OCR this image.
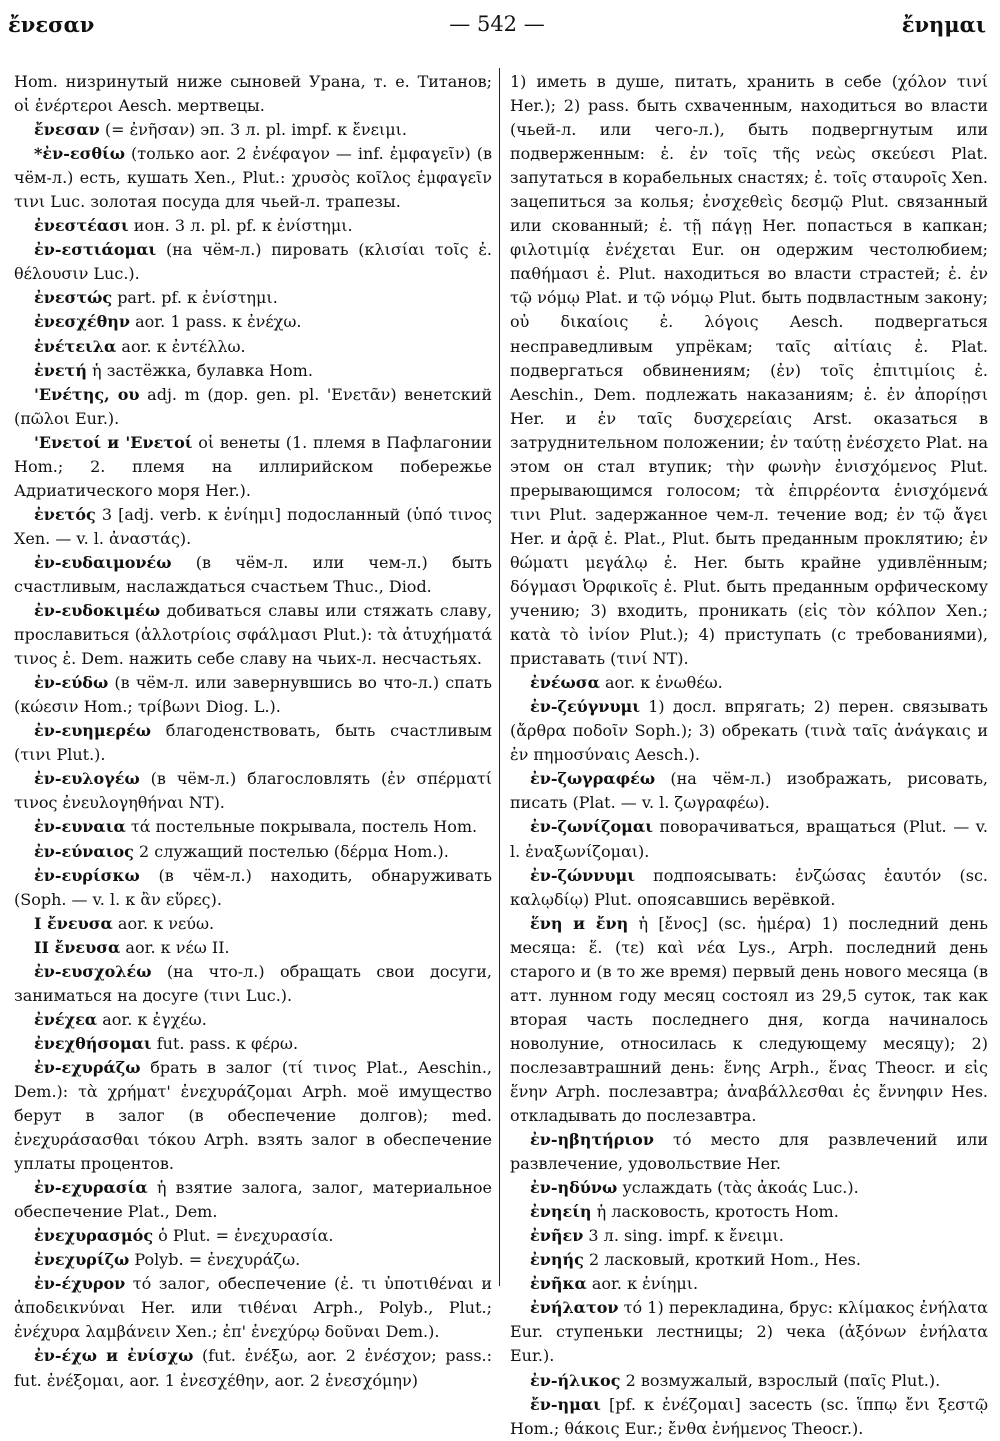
ἔνεσαν	— 542 —	ἔνημαι

Hom. низринутый ниже сыновей Урана, т. е. Титанов; οἱ ἐνέρτεροι Aesch. мертвецы.

ἔνεσαν (= ἐνῆσαν) эп. 3 л. pl. impf. к ἔνειμι.

*ἐν-εσθίω (только aor. 2 ἐνέφαγον — inf. ἐμφαγεῖν) (в чём-л.) есть, кушать Xen., Plut.: χρυσὸς κοῖλος ἐμφαγεῖν τινι Luc. золотая посуда для чьей-л. трапезы.

ἐνεστέασι ион. 3 л. pl. pf. к ἐνίστημι.

ἐν-εστιάομαι (на чём-л.) пировать (κλισίαι τοῖς ἐ. θέλουσιν Luc.).

ἐνεστώς part. pf. к ἐνίστημι.

ἐνεσχέθην aor. 1 pass. к ἐνέχω.

ἐνέτειλα aor. к ἐντέλλω.

ἐνετή ἡ застёжка, булавка Hom.

'Ενέτης, ου adj. m (дор. gen. pl. 'Ενετᾶν) венетский (πῶλοι Eur.).

'Ενετοί и 'Ενετοί οἱ венеты (1. племя в Пафлагонии Hom.; 2. племя на иллирийском побережье Адриатического моря Her.).

ἐνετός 3 [adj. verb. к ἐνίημι] подосланный (ὑπό τινος Xen. — v. l. ἀναστάς).

ἐν-ευδαιμονέω (в чём-л. или чем-л.) быть счастливым, наслаждаться счастьем Thuc., Diod.

ἐν-ευδοκιμέω добиваться славы или стяжать славу, прославиться (ἀλλοτρίοις σφάλμασι Plut.): τὰ ἀτυχήματά τινος ἐ. Dem. нажить себе славу на чьих-л. несчастьях.

ἐν-εύδω (в чём-л. или завернувшись во что-л.) спать (κώεσιν Hom.; τρίβωνι Diog. L.).

ἐν-ευημερέω благоденствовать, быть счастливым (τινι Plut.).

ἐν-ευλογέω (в чём-л.) благословлять (ἐν σπέρματί τινος ἐνευλογηθήναι NT).

ἐν-ευναια τά постельные покрывала, постель Hom.

ἐν-εύναιος 2 служащий постелью (δέρμα Hom.).

ἐν-ευρίσκω (в чём-л.) находить, обнаруживать (Soph. — v. l. к ἂν εὕρες).

I ἔνευσα aor. к νεύω.

II ἔνευσα aor. к νέω II.

ἐν-ευσχολέω (на что-л.) обращать свои досуги, заниматься на досуге (τινι Luc.).

ἐνέχεα aor. к ἐγχέω.

ἐνεχθήσομαι fut. pass. к φέρω.

ἐν-εχυράζω брать в залог (τί τινος Plat., Aeschin., Dem.): τὰ χρήματ' ἐνεχυράζομαι Arph. моё имущество берут в залог (в обеспечение долгов); med. ἐνεχυράσασθαι τόκου Arph. взять залог в обеспечение уплаты процентов.

ἐν-εχυρασία ἡ взятие залога, залог, материальное обеспечение Plat., Dem.

ἐνεχυρασμός ὁ Plut. = ἐνεχυρασία.

ἐνεχυρίζω Polyb. = ἐνεχυράζω.

ἐν-έχυρον τό залог, обеспечение (ἐ. τι ὑποτιθέναι и ἀποδεικνύναι Her. или τιθέναι Arph., Polyb., Plut.; ἐνέχυρα λαμβάνειν Xen.; ἐπ' ἐνεχύρῳ δοῦναι Dem.).

ἐν-έχω и ἐνίσχω (fut. ἐνέξω, aor. 2 ἐνέσχον; pass.: fut. ἐνέξομαι, aor. 1 ἐνεσχέθην, aor. 2 ἐνεσχόμην)

1) иметь в душе, питать, хранить в себе (χόλον τινί Her.); 2) pass. быть схваченным, находиться во власти (чьей-л. или чего-л.), быть подвергнутым или подверженным: ἐ. ἐν τοῖς τῆς νεὼς σκεύεσι Plat. запутаться в корабельных снастях; ἐ. τοῖς σταυροῖς Xen. зацепиться за колья; ἐνσχεθεὶς δεσμῷ Plut. связанный или скованный; ἐ. τῇ πάγῃ Her. попасться в капкан; φιλοτιμίᾳ ἐνέχεται Eur. он одержим честолюбием; παθήμασι ἐ. Plut. находиться во власти страстей; ἐ. ἐν τῷ νόμῳ Plat. и τῷ νόμῳ Plut. быть подвластным закону; οὐ δικαίοις ἐ. λόγοις Aesch. подвергаться несправедливым упрёкам; ταῖς αἰτίαις ἐ. Plat. подвергаться обвинениям; (ἐν) τοῖς ἐπιτιμίοις ἐ. Aeschin., Dem. подлежать наказаниям; ἐ. ἐν ἀπορίῃσι Her. и ἐν ταῖς δυσχερείαις Arst. оказаться в затруднительном положении; ἐν ταύτῃ ἐνέσχετο Plat. на этом он стал втупик; τὴν φωνὴν ἐνισχόμενος Plut. прерывающимся голосом; τὰ ἐπιρρέοντα ἐνισχόμενά τινι Plut. задержанное чем-л. течение вод; ἐν τῷ ἄγει Her. и ἀρᾷ ἐ. Plat., Plut. быть преданным проклятию; ἐν θώματι μεγάλῳ ἐ. Her. быть крайне удивлённым; δόγμασι Ὀρφικοῖς ἐ. Plut. быть преданным орфическому учению; 3) входить, проникать (εἰς τὸν κόλπον Xen.; κατὰ τὸ ἰνίον Plut.); 4) приступать (с требованиями), приставать (τινί NT).

ἐνέωσα aor. к ἐνωθέω.

ἐν-ζεύγνυμι 1) досл. впрягать; 2) перен. связывать (ἄρθρα ποδοῖν Soph.); 3) обрекать (τινὰ ταῖς ἀνάγκαις и ἐν πημοσύναις Aesch.).

ἐν-ζωγραφέω (на чём-л.) изображать, рисовать, писать (Plat. — v. l. ζωγραφέω).

ἐν-ζωνίζομαι поворачиваться, вращаться (Plut. — v. l. ἐναξωνίζομαι).

ἐν-ζώννυμι подпоясывать: ἐνζώσας ἑαυτόν (sc. καλῳδίῳ) Plut. опоясавшись верёвкой.

ἕνη и ἔνη ἡ [ἔνος] (sc. ἡμέρα) 1) последний день месяца: ἕ. (τε) καὶ νέα Lys., Arph. последний день старого и (в то же время) первый день нового месяца (в атт. лунном году месяц состоял из 29,5 суток, так как вторая часть последнего дня, когда начиналось новолуние, относилась к следующему месяцу); 2) послезавтрашний день: ἕνης Arph., ἕνας Theocr. и εἰς ἕνην Arph. послезавтра; ἀναβάλλεσθαι ἐς ἔννηφιν Hes. откладывать до послезавтра.

ἐν-ηβητήριον τό место для развлечений или развлечение, удовольствие Her.

ἐν-ηδύνω услаждать (τὰς ἀκοάς Luc.).

ἐνηείη ἡ ласковость, кротость Hom.

ἐνῆεν 3 л. sing. impf. к ἔνειμι.

ἐνηής 2 ласковый, кроткий Hom., Hes.

ἐνῆκα aor. к ἐνίημι.

ἐνήλατον τό 1) перекладина, брус: κλίμακος ἐνήλατα Eur. ступеньки лестницы; 2) чека (ἀξόνων ἐνήλατα Eur.).

ἐν-ήλικος 2 возмужалый, взрослый (παῖς Plut.).

ἔν-ημαι [pf. к ἐνέζομαι] засесть (sc. ἵππῳ ἔνι ξεστῷ Hom.; θάκοις Eur.; ἔνθα ἐνήμενος Theocr.).
